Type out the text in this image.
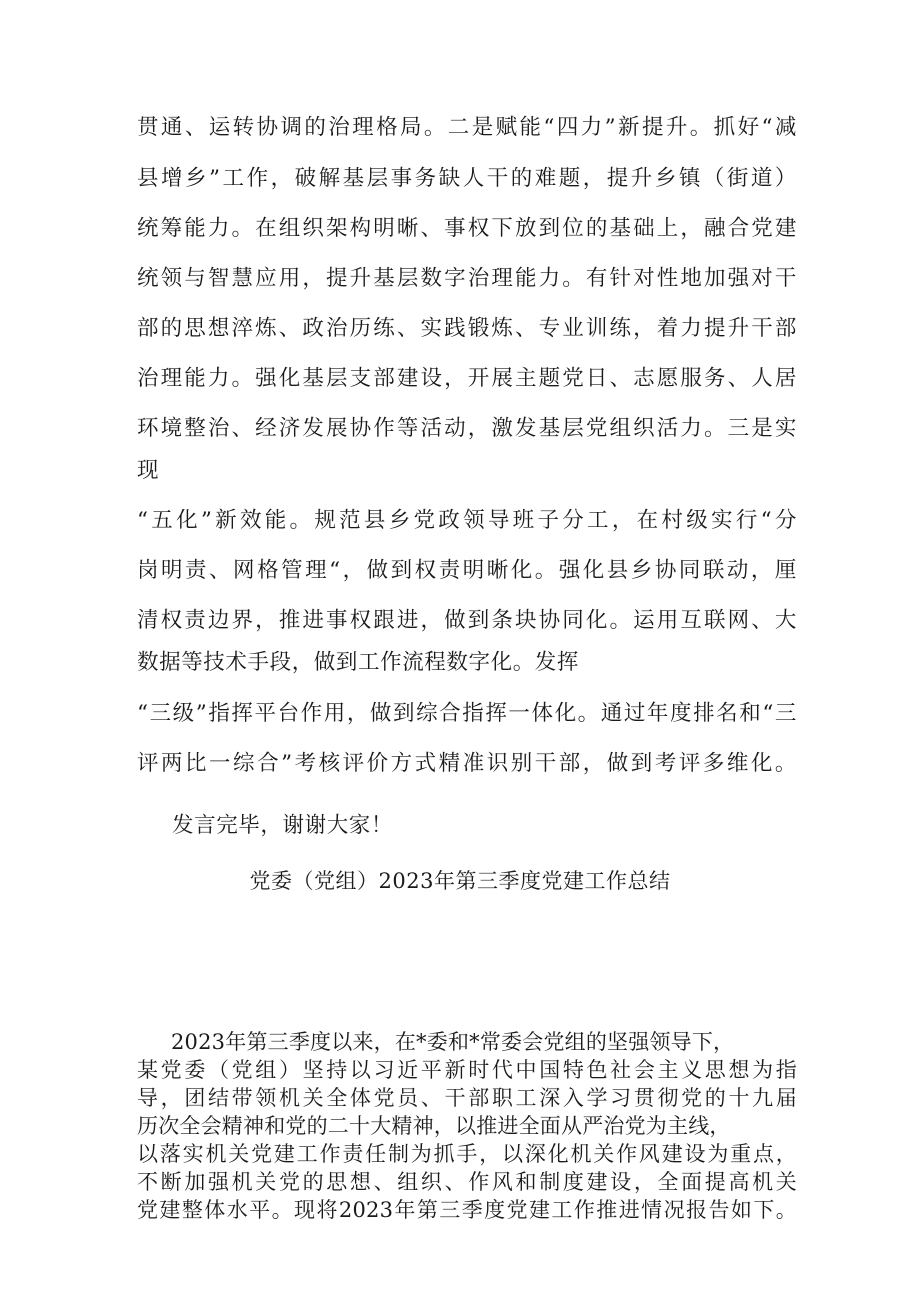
贯通、运转协调的治理格局。二是赋能“四力”新提升。抓好“减
县增乡”工作，破解基层事务缺人干的难题，提升乡镇（街道）
统筹能力。在组织架构明晰、事权下放到位的基础上，融合党建
统领与智慧应用，提升基层数字治理能力。有针对性地加强对干
部的思想淬炼、政治历练、实践锻炼、专业训练，着力提升干部
治理能力。强化基层支部建设，开展主题党日、志愿服务、人居
环境整治、经济发展协作等活动，激发基层党组织活力。三是实
现
“五化”新效能。规范县乡党政领导班子分工，在村级实行“分
岗明责、网格管理“，做到权责明晰化。强化县乡协同联动，厘
清权责边界，推进事权跟进，做到条块协同化。运用互联网、大
数据等技术手段，做到工作流程数字化。发挥
“三级”指挥平台作用，做到综合指挥一体化。通过年度排名和“三
评两比一综合”考核评价方式精准识别干部，做到考评多维化。
发言完毕，谢谢大家！
党委（党组）2023年第三季度党建工作总结
2023年第三季度以来，在*委和*常委会党组的坚强领导下，
某党委（党组）坚持以习近平新时代中国特色社会主义思想为指
导，团结带领机关全体党员、干部职工深入学习贯彻党的十九届
历次全会精神和党的二十大精神，以推进全面从严治党为主线，
以落实机关党建工作责任制为抓手，以深化机关作风建设为重点，
不断加强机关党的思想、组织、作风和制度建设，全面提高机关
党建整体水平。现将2023年第三季度党建工作推进情况报告如下。
